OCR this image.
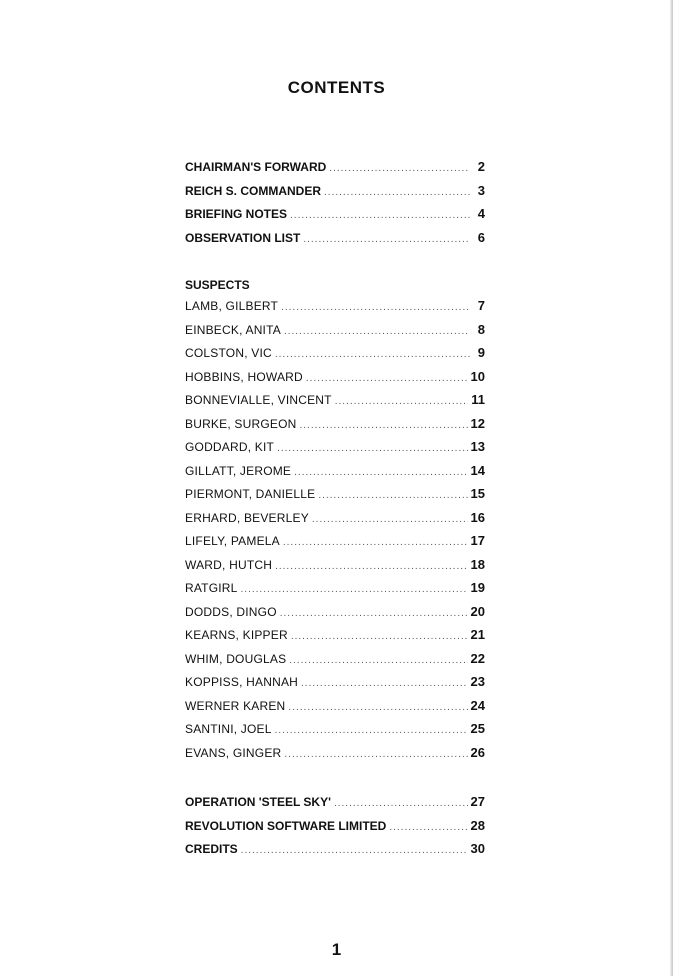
CONTENTS
CHAIRMAN'S FORWARD .....	2
REICH S. COMMANDER .....	3
BRIEFING NOTES .....	4
OBSERVATION LIST .....	6
SUSPECTS
LAMB, GILBERT .....	7
EINBECK, ANITA .....	8
COLSTON, VIC .....	9
HOBBINS, HOWARD .....	10
BONNEVIALLE, VINCENT .....	11
BURKE, SURGEON .....	12
GODDARD, KIT .....	13
GILLATT, JEROME .....	14
PIERMONT, DANIELLE .....	15
ERHARD, BEVERLEY .....	16
LIFELY, PAMELA .....	17
WARD, HUTCH .....	18
RATGIRL .....	19
DODDS, DINGO .....	20
KEARNS, KIPPER .....	21
WHIM, DOUGLAS .....	22
KOPPISS, HANNAH .....	23
WERNER KAREN .....	24
SANTINI, JOEL .....	25
EVANS, GINGER .....	26
OPERATION 'STEEL SKY' .....	27
REVOLUTION SOFTWARE LIMITED .....	28
CREDITS .....	30
1
